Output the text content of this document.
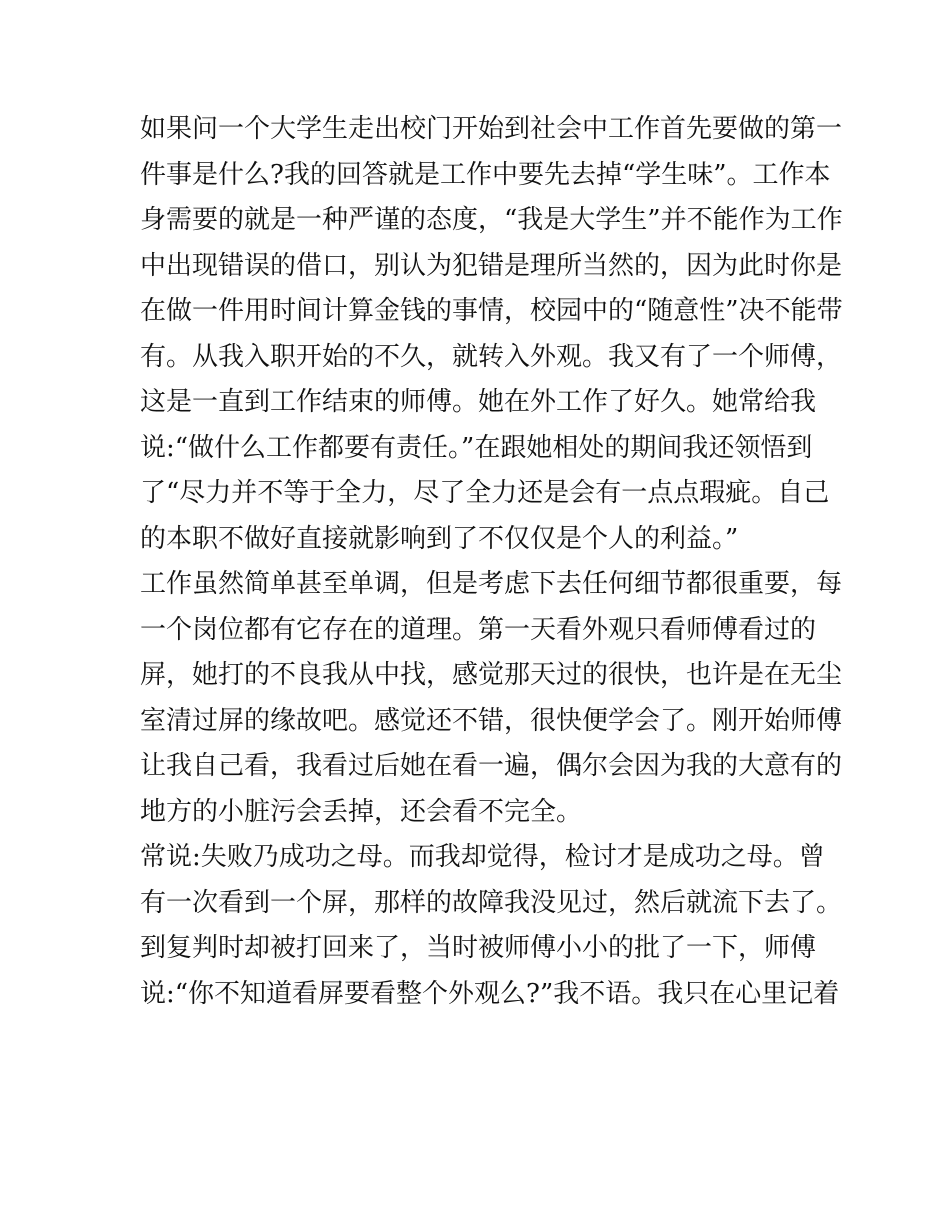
如果问一个大学生走出校门开始到社会中工作首先要做的第一
件事是什么?我的回答就是工作中要先去掉“学生味”。工作本
身需要的就是一种严谨的态度，“我是大学生”并不能作为工作
中出现错误的借口，别认为犯错是理所当然的，因为此时你是
在做一件用时间计算金钱的事情，校园中的“随意性”决不能带
有。从我入职开始的不久，就转入外观。我又有了一个师傅，
这是一直到工作结束的师傅。她在外工作了好久。她常给我
说:“做什么工作都要有责任。”在跟她相处的期间我还领悟到
了“尽力并不等于全力，尽了全力还是会有一点点瑕疵。自己
的本职不做好直接就影响到了不仅仅是个人的利益。”
工作虽然简单甚至单调，但是考虑下去任何细节都很重要，每
一个岗位都有它存在的道理。第一天看外观只看师傅看过的
屏，她打的不良我从中找，感觉那天过的很快，也许是在无尘
室清过屏的缘故吧。感觉还不错，很快便学会了。刚开始师傅
让我自己看，我看过后她在看一遍，偶尔会因为我的大意有的
地方的小脏污会丢掉，还会看不完全。
常说:失败乃成功之母。而我却觉得，检讨才是成功之母。曾
有一次看到一个屏，那样的故障我没见过，然后就流下去了。
到复判时却被打回来了，当时被师傅小小的批了一下，师傅
说:“你不知道看屏要看整个外观么?”我不语。我只在心里记着
